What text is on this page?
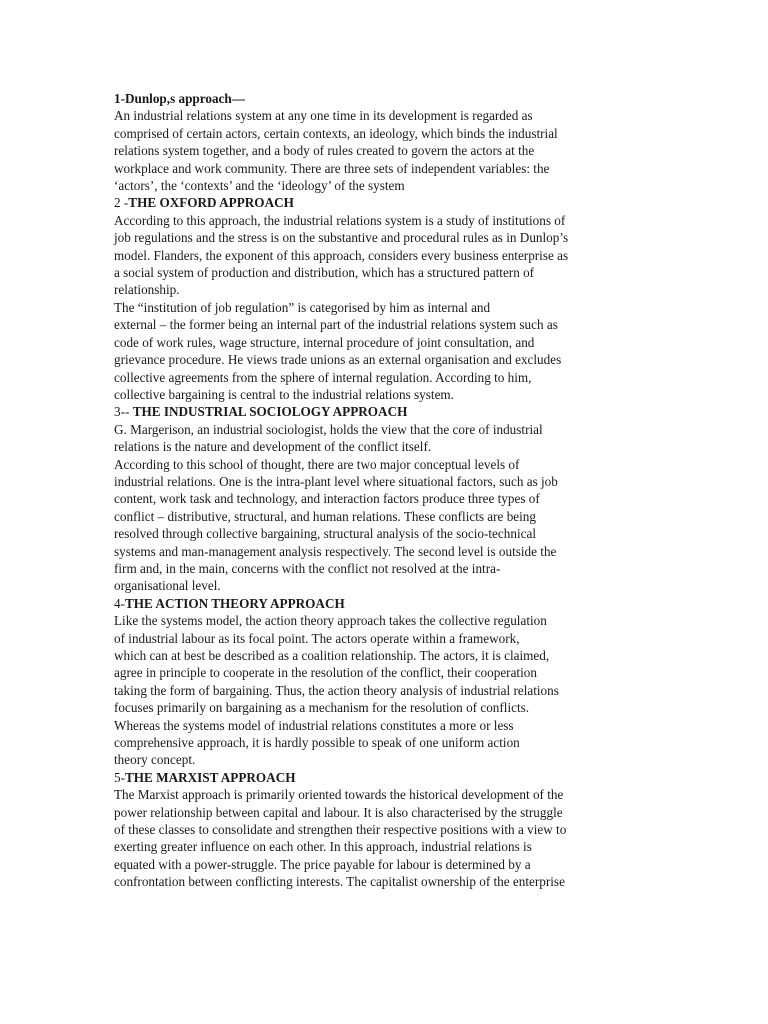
1-Dunlop,s approach—
An industrial relations system at any one time in its development is regarded as
comprised of certain actors, certain contexts, an ideology, which binds the industrial
relations system together, and a body of rules created to govern the actors at the
workplace and work community. There are three sets of independent variables: the
‘actors’, the ‘contexts’ and the ‘ideology’ of the system
2 -THE OXFORD APPROACH
According to this approach, the industrial relations system is a study of institutions of
job regulations and the stress is on the substantive and procedural rules as in Dunlop’s
model. Flanders, the exponent of this approach, considers every business enterprise as
a social system of production and distribution, which has a structured pattern of
relationship.
The “institution of job regulation” is categorised by him as internal and
external – the former being an internal part of the industrial relations system such as
code of work rules, wage structure, internal procedure of joint consultation, and
grievance procedure. He views trade unions as an external organisation and excludes
collective agreements from the sphere of internal regulation. According to him,
collective bargaining is central to the industrial relations system.
3-- THE INDUSTRIAL SOCIOLOGY APPROACH
G. Margerison, an industrial sociologist, holds the view that the core of industrial
relations is the nature and development of the conflict itself.
According to this school of thought, there are two major conceptual levels of
industrial relations. One is the intra-plant level where situational factors, such as job
content, work task and technology, and interaction factors produce three types of
conflict – distributive, structural, and human relations. These conflicts are being
resolved through collective bargaining, structural analysis of the socio-technical
systems and man-management analysis respectively. The second level is outside the
firm and, in the main, concerns with the conflict not resolved at the intra-
organisational level.
4-THE ACTION THEORY APPROACH
Like the systems model, the action theory approach takes the collective regulation
of industrial labour as its focal point. The actors operate within a framework,
which can at best be described as a coalition relationship. The actors, it is claimed,
agree in principle to cooperate in the resolution of the conflict, their cooperation
taking the form of bargaining. Thus, the action theory analysis of industrial relations
focuses primarily on bargaining as a mechanism for the resolution of conflicts.
Whereas the systems model of industrial relations constitutes a more or less
comprehensive approach, it is hardly possible to speak of one uniform action
theory concept.
5-THE MARXIST APPROACH
The Marxist approach is primarily oriented towards the historical development of the
power relationship between capital and labour. It is also characterised by the struggle
of these classes to consolidate and strengthen their respective positions with a view to
exerting greater influence on each other. In this approach, industrial relations is
equated with a power-struggle. The price payable for labour is determined by a
confrontation between conflicting interests. The capitalist ownership of the enterprise
